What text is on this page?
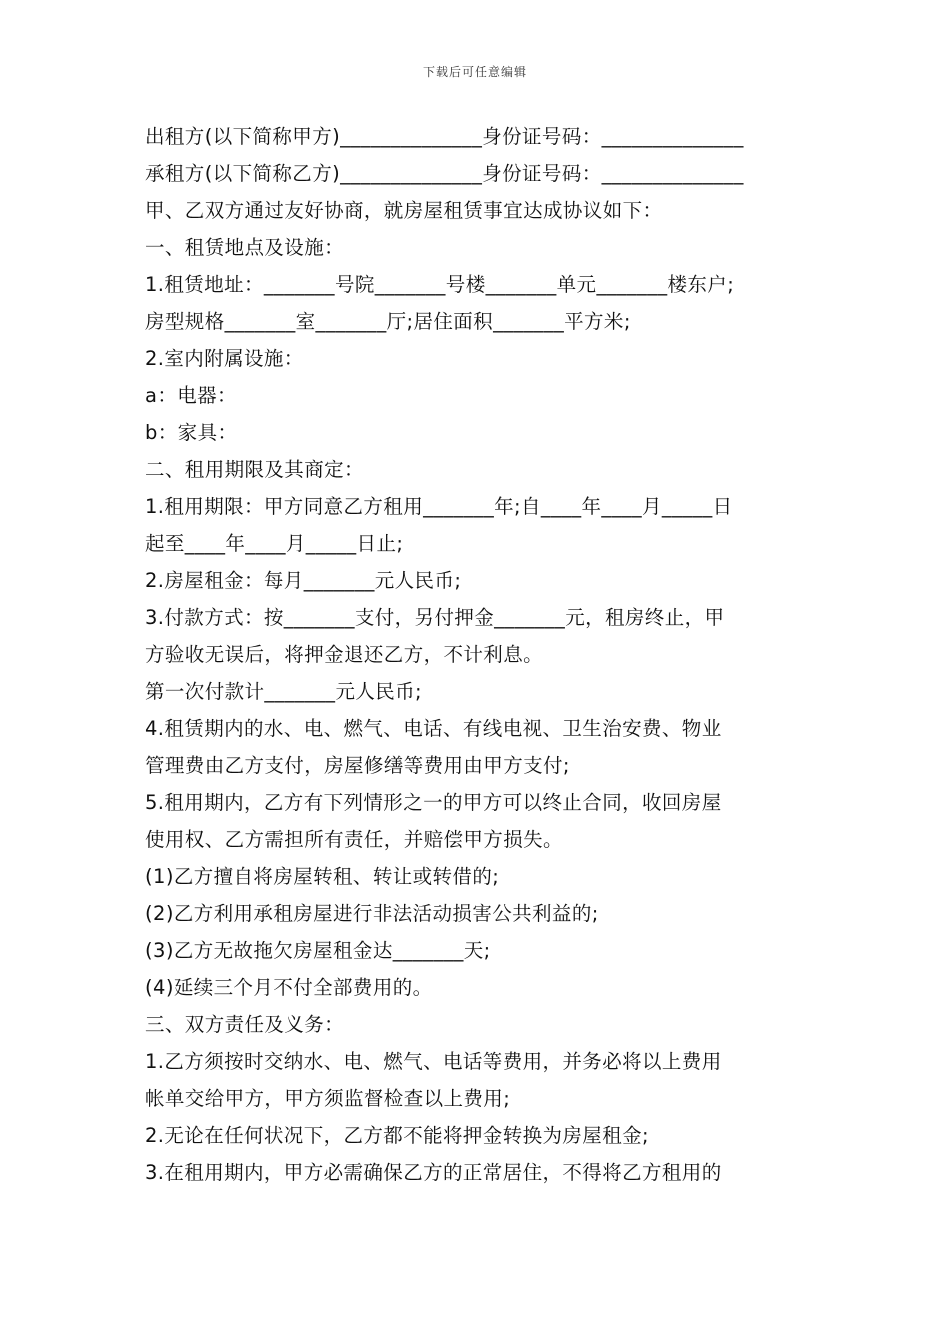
下载后可任意编辑
出租方(以下简称甲方)______________身份证号码：______________
承租方(以下简称乙方)______________身份证号码：______________
甲、乙双方通过友好协商，就房屋租赁事宜达成协议如下：
一、租赁地点及设施：
1.租赁地址：_______号院_______号楼_______单元_______楼东户;
房型规格_______室_______厅;居住面积_______平方米;
2.室内附属设施：
a：电器：
b：家具：
二、租用期限及其商定：
1.租用期限：甲方同意乙方租用_______年;自____年____月_____日
起至____年____月_____日止;
2.房屋租金：每月_______元人民币;
3.付款方式：按_______支付，另付押金_______元，租房终止，甲
方验收无误后，将押金退还乙方，不计利息。
第一次付款计_______元人民币;
4.租赁期内的水、电、燃气、电话、有线电视、卫生治安费、物业
管理费由乙方支付，房屋修缮等费用由甲方支付;
5.租用期内，乙方有下列情形之一的甲方可以终止合同，收回房屋
使用权、乙方需担所有责任，并赔偿甲方损失。
(1)乙方擅自将房屋转租、转让或转借的;
(2)乙方利用承租房屋进行非法活动损害公共利益的;
(3)乙方无故拖欠房屋租金达_______天;
(4)延续三个月不付全部费用的。
三、双方责任及义务：
1.乙方须按时交纳水、电、燃气、电话等费用，并务必将以上费用
帐单交给甲方，甲方须监督检查以上费用;
2.无论在任何状况下，乙方都不能将押金转换为房屋租金;
3.在租用期内，甲方必需确保乙方的正常居住，不得将乙方租用的
